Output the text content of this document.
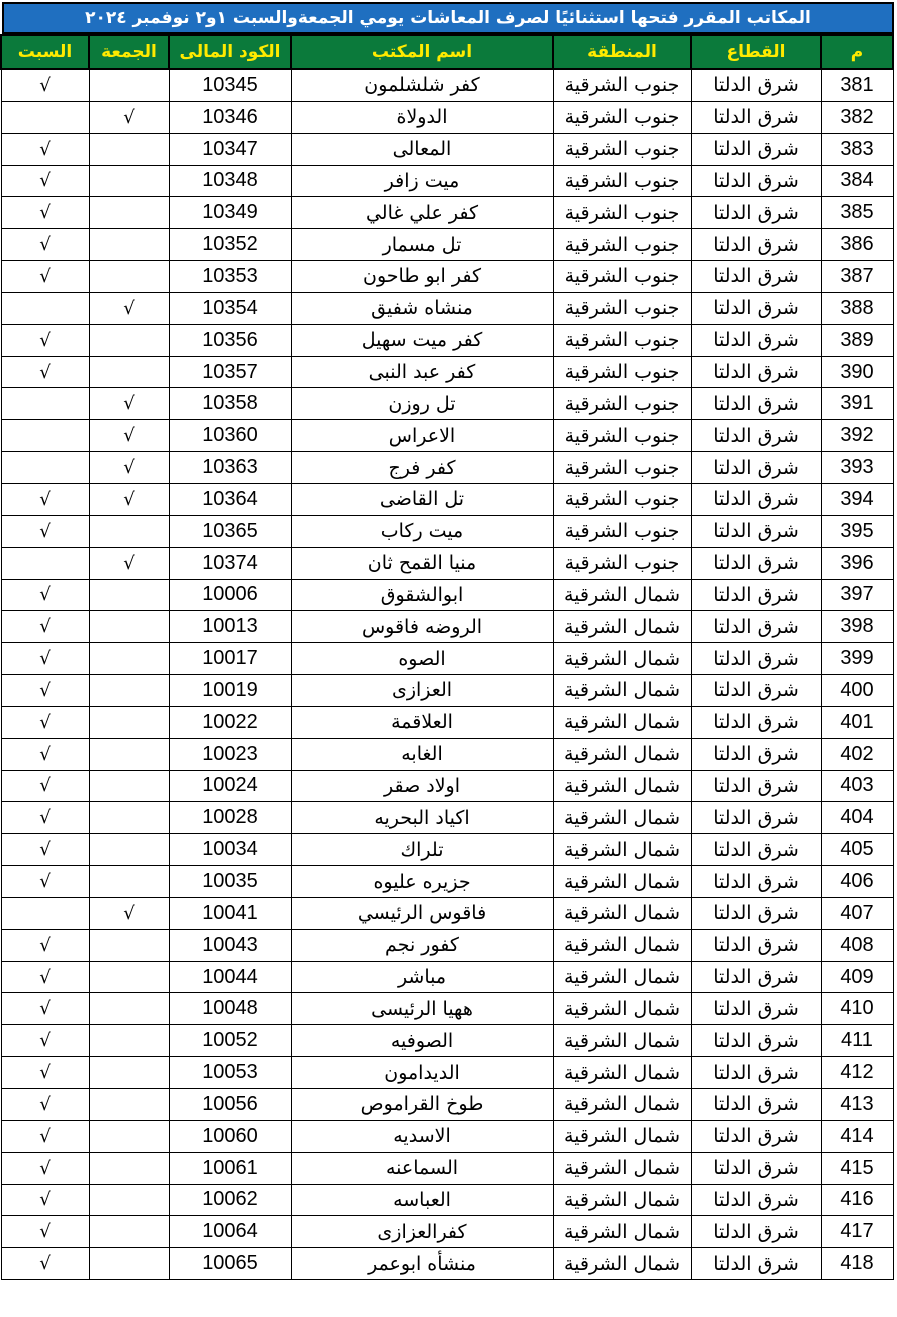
المكاتب المقرر فتحها استثنائيًا لصرف المعاشات يومي الجمعةوالسبت ١و٢ نوفمبر ٢٠٢٤
م	القطاع	المنطقة	اسم المكتب	الكود المالى	الجمعة	السبت
381	شرق الدلتا	جنوب الشرقية	كفر شلشلمون	10345		√
382	شرق الدلتا	جنوب الشرقية	الدولاة	10346	√	
383	شرق الدلتا	جنوب الشرقية	المعالى	10347		√
384	شرق الدلتا	جنوب الشرقية	ميت زافر	10348		√
385	شرق الدلتا	جنوب الشرقية	كفر علي غالي	10349		√
386	شرق الدلتا	جنوب الشرقية	تل مسمار	10352		√
387	شرق الدلتا	جنوب الشرقية	كفر ابو طاحون	10353		√
388	شرق الدلتا	جنوب الشرقية	منشاه شفيق	10354	√	
389	شرق الدلتا	جنوب الشرقية	كفر ميت سهيل	10356		√
390	شرق الدلتا	جنوب الشرقية	كفر عبد النبى	10357		√
391	شرق الدلتا	جنوب الشرقية	تل روزن	10358	√	
392	شرق الدلتا	جنوب الشرقية	الاعراس	10360	√	
393	شرق الدلتا	جنوب الشرقية	كفر فرج	10363	√	
394	شرق الدلتا	جنوب الشرقية	تل القاضى	10364	√	√
395	شرق الدلتا	جنوب الشرقية	ميت ركاب	10365		√
396	شرق الدلتا	جنوب الشرقية	منيا القمح ثان	10374	√	
397	شرق الدلتا	شمال الشرقية	ابوالشقوق	10006		√
398	شرق الدلتا	شمال الشرقية	الروضه فاقوس	10013		√
399	شرق الدلتا	شمال الشرقية	الصوه	10017		√
400	شرق الدلتا	شمال الشرقية	العزازى	10019		√
401	شرق الدلتا	شمال الشرقية	العلاقمة	10022		√
402	شرق الدلتا	شمال الشرقية	الغابه	10023		√
403	شرق الدلتا	شمال الشرقية	اولاد صقر	10024		√
404	شرق الدلتا	شمال الشرقية	اكياد البحريه	10028		√
405	شرق الدلتا	شمال الشرقية	تلراك	10034		√
406	شرق الدلتا	شمال الشرقية	جزيره عليوه	10035		√
407	شرق الدلتا	شمال الشرقية	فاقوس الرئيسي	10041	√	
408	شرق الدلتا	شمال الشرقية	كفور نجم	10043		√
409	شرق الدلتا	شمال الشرقية	مباشر	10044		√
410	شرق الدلتا	شمال الشرقية	ههيا الرئيسى	10048		√
411	شرق الدلتا	شمال الشرقية	الصوفيه	10052		√
412	شرق الدلتا	شمال الشرقية	الديدامون	10053		√
413	شرق الدلتا	شمال الشرقية	طوخ القراموص	10056		√
414	شرق الدلتا	شمال الشرقية	الاسديه	10060		√
415	شرق الدلتا	شمال الشرقية	السماعنه	10061		√
416	شرق الدلتا	شمال الشرقية	العباسه	10062		√
417	شرق الدلتا	شمال الشرقية	كفرالعزازى	10064		√
418	شرق الدلتا	شمال الشرقية	منشأه ابوعمر	10065		√
